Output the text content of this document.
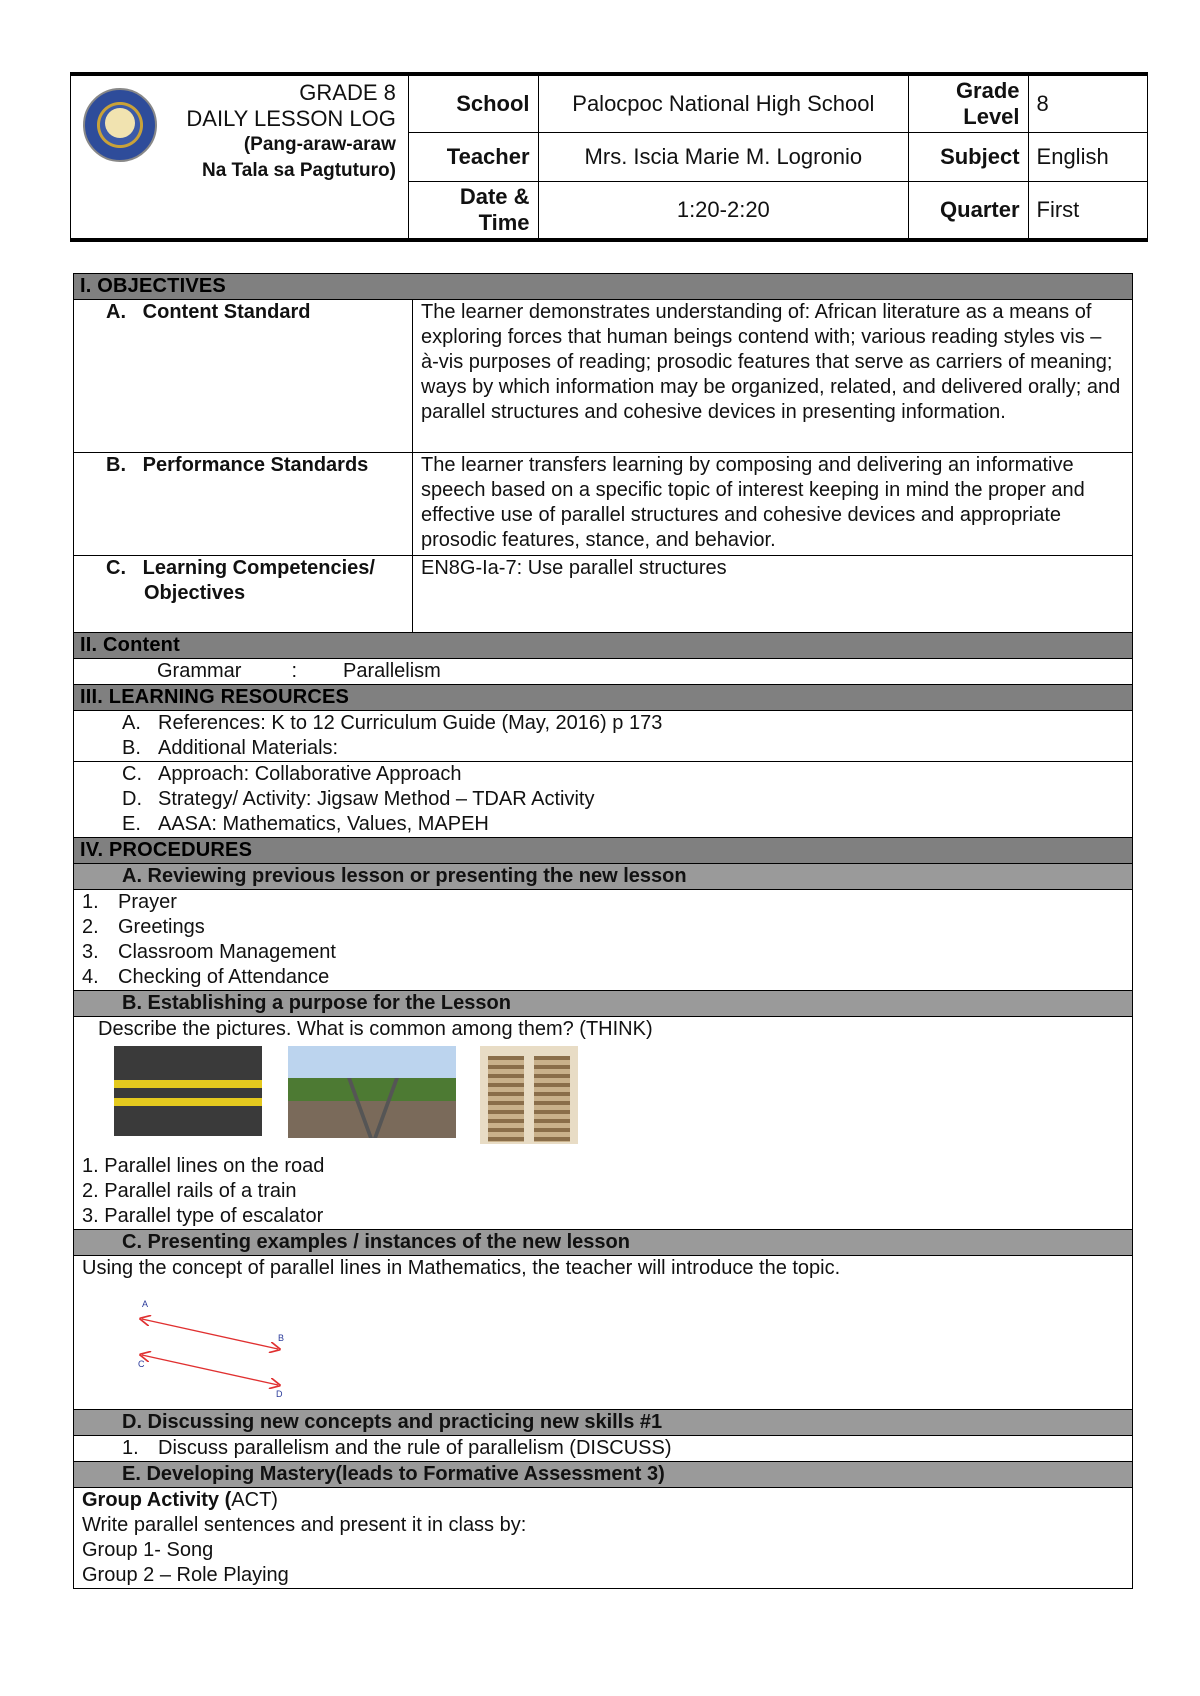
GRADE 8
DAILY LESSON LOG
(Pang-araw-araw
Na Tala sa Pagtuturo)	School	Palocpoc National High School	Grade Level	8
	Teacher	Mrs. Iscia Marie M. Logronio	Subject	English
	Date & Time	1:20-2:20	Quarter	First
I. OBJECTIVES	

A. Content Standard	The learner demonstrates understanding of: African literature as a means of exploring forces that human beings contend with; various reading styles vis – à-vis purposes of reading; prosodic features that serve as carriers of meaning; ways by which information may be organized, related, and delivered orally; and parallel structures and cohesive devices in presenting information.

B. Performance Standards	The learner transfers learning by composing and delivering an informative speech based on a specific topic of interest keeping in mind the proper and effective use of parallel structures and cohesive devices and appropriate prosodic features, stance, and behavior.

C. Learning Competencies/ Objectives	EN8G-Ia-7: Use parallel structures
II. Content	
Grammar : Parallelism	
III. LEARNING RESOURCES	

A. References: K to 12 Curriculum Guide (May, 2016) p 173
B. Additional Materials:	

C. Approach: Collaborative Approach
D. Strategy/ Activity: Jigsaw Method – TDAR Activity
E. AASA: Mathematics, Values, MAPEH	

IV. PROCEDURES	
A. Reviewing previous lesson or presenting the new lesson	

1. Prayer
2. Greetings
3. Classroom Management
4. Checking of Attendance	

B. Establishing a purpose for the Lesson	

Describe the pictures. What is common among them? (THINK)
1. Parallel lines on the road
2. Parallel rails of a train
3. Parallel type of escalator	

C. Presenting examples / instances of the new lesson	

Using the concept of parallel lines in Mathematics, the teacher will introduce the topic.
A
B
C
D	

D. Discussing new concepts and practicing new skills #1	

1. Discuss parallelism and the rule of parallelism (DISCUSS)	

E. Developing Mastery(leads to Formative Assessment 3)	

Group Activity (ACT)
Write parallel sentences and present it in class by:
Group 1- Song
Group 2 – Role Playing	
